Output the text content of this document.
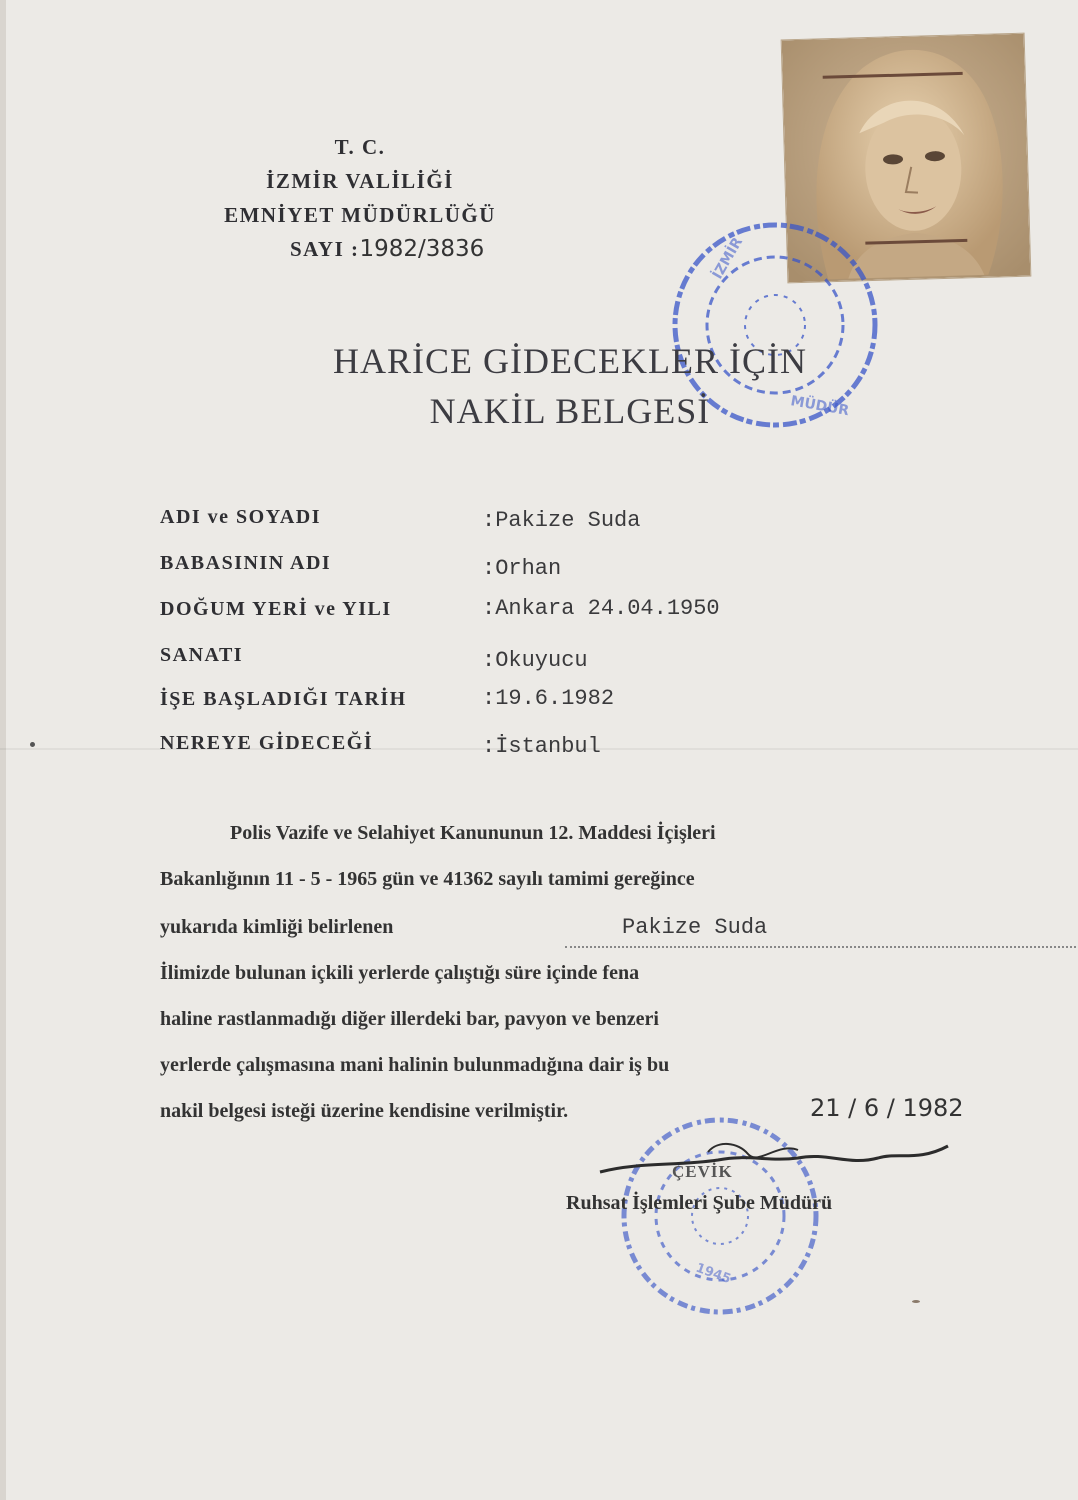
T. C.
İZMİR VALİLİĞİ
EMNİYET MÜDÜRLÜĞÜ
SAYI :1982/3836	İZMİR
MÜDÜR
HARİCE GİDECEKLER İÇİN
NAKİL BELGESİ
ADI ve SOYADI	:Pakize Suda
BABASININ ADI	:Orhan
DOĞUM YERİ ve YILI	:Ankara 24.04.1950
SANATI	:Okuyucu
İŞE BAŞLADIĞI TARİH	:19.6.1982
NEREYE GİDECEĞİ	:İstanbul
Polis Vazife ve Selahiyet Kanununun 12. Maddesi İçişleri
Bakanlığının 11 - 5 - 1965 gün ve 41362 sayılı tamimi gereğince
yukarıda kimliği belirlenen	Pakize Suda
İlimizde bulunan içkili yerlerde çalıştığı süre içinde fena
haline rastlanmadığı diğer illerdeki bar, pavyon ve benzeri
yerlerde çalışmasına mani halinin bulunmadığına dair iş bu
nakil belgesi isteği üzerine kendisine verilmiştir.	21 / 6 / 1982
1945
ÇEVİK
Ruhsat İşlemleri Şube Müdürü
